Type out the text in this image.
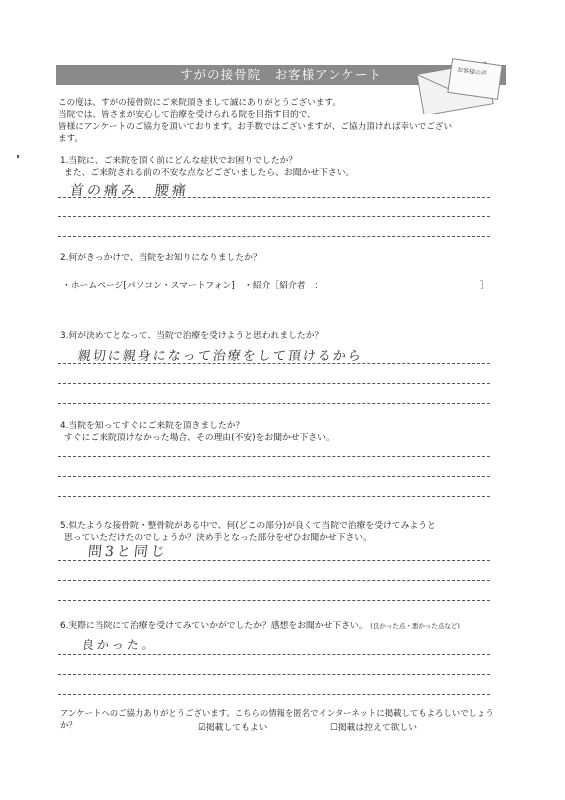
すがの接骨院　お客様アンケート	お客様の声
この度は、すがの接骨院にご来院頂きまして誠にありがとうございます。
当院では、皆さまが安心して治療を受けられる院を目指す目的で、
皆様にアンケートのご協力を頂いております。お手数ではございますが、ご協力頂ければ幸いでござい
ます。
1.当院に、ご来院を頂く前にどんな症状でお困りでしたか？
また、ご来院される前の不安な点などございましたら、お聞かせ下さい。
首の痛み　腰痛
2.何がきっかけで、当院をお知りになりましたか？
・ホームページ[パソコン・スマートフォン] ・紹介［紹介者　：	］
3.何が決めてとなって、当院で治療を受けようと思われましたか？
親切に親身になって治療をして頂けるから
4.当院を知ってすぐにご来院を頂きましたか？
すぐにご来院頂けなかった場合、その理由(不安)をお聞かせ下さい。
5.似たような接骨院・整骨院がある中で、何(どこの部分)が良くて当院で治療を受けてみようと
思っていただけたのでしょうか？決め手となった部分をぜひお聞かせ下さい。
問3と同じ
6.実際に当院にて治療を受けてみていかがでしたか？感想をお聞かせ下さい。 (良かった点・悪かった点など)
良かった。
アンケートへのご協力ありがとうございます。こちらの情報を匿名でインターネットに掲載してもよろしいでしょうか？	☑掲載してもよい	☐掲載は控えて欲しい
